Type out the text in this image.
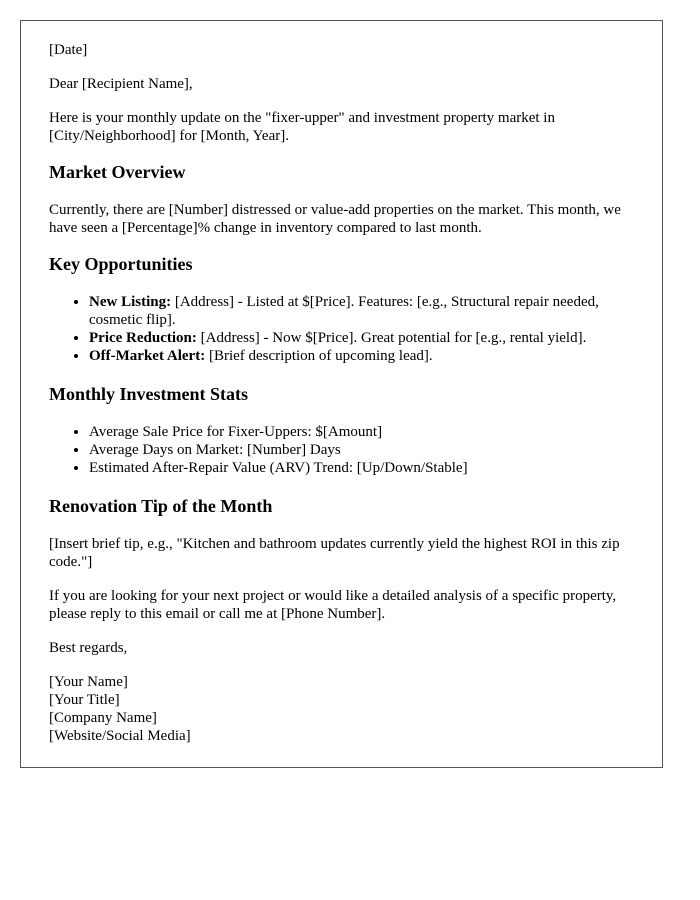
[Date]

Dear [Recipient Name],

Here is your monthly update on the "fixer-upper" and investment property market in [City/Neighborhood] for [Month, Year].

Market Overview

Currently, there are [Number] distressed or value-add properties on the market. This month, we have seen a [Percentage]% change in inventory compared to last month.

Key Opportunities
• New Listing: [Address] - Listed at $[Price]. Features: [e.g., Structural repair needed, cosmetic flip].
• Price Reduction: [Address] - Now $[Price]. Great potential for [e.g., rental yield].
• Off-Market Alert: [Brief description of upcoming lead].
Monthly Investment Stats
• Average Sale Price for Fixer-Uppers: $[Amount]
• Average Days on Market: [Number] Days
• Estimated After-Repair Value (ARV) Trend: [Up/Down/Stable]
Renovation Tip of the Month

[Insert brief tip, e.g., "Kitchen and bathroom updates currently yield the highest ROI in this zip code."]

If you are looking for your next project or would like a detailed analysis of a specific property, please reply to this email or call me at [Phone Number].

Best regards,

[Your Name]
[Your Title]
[Company Name]
[Website/Social Media]
